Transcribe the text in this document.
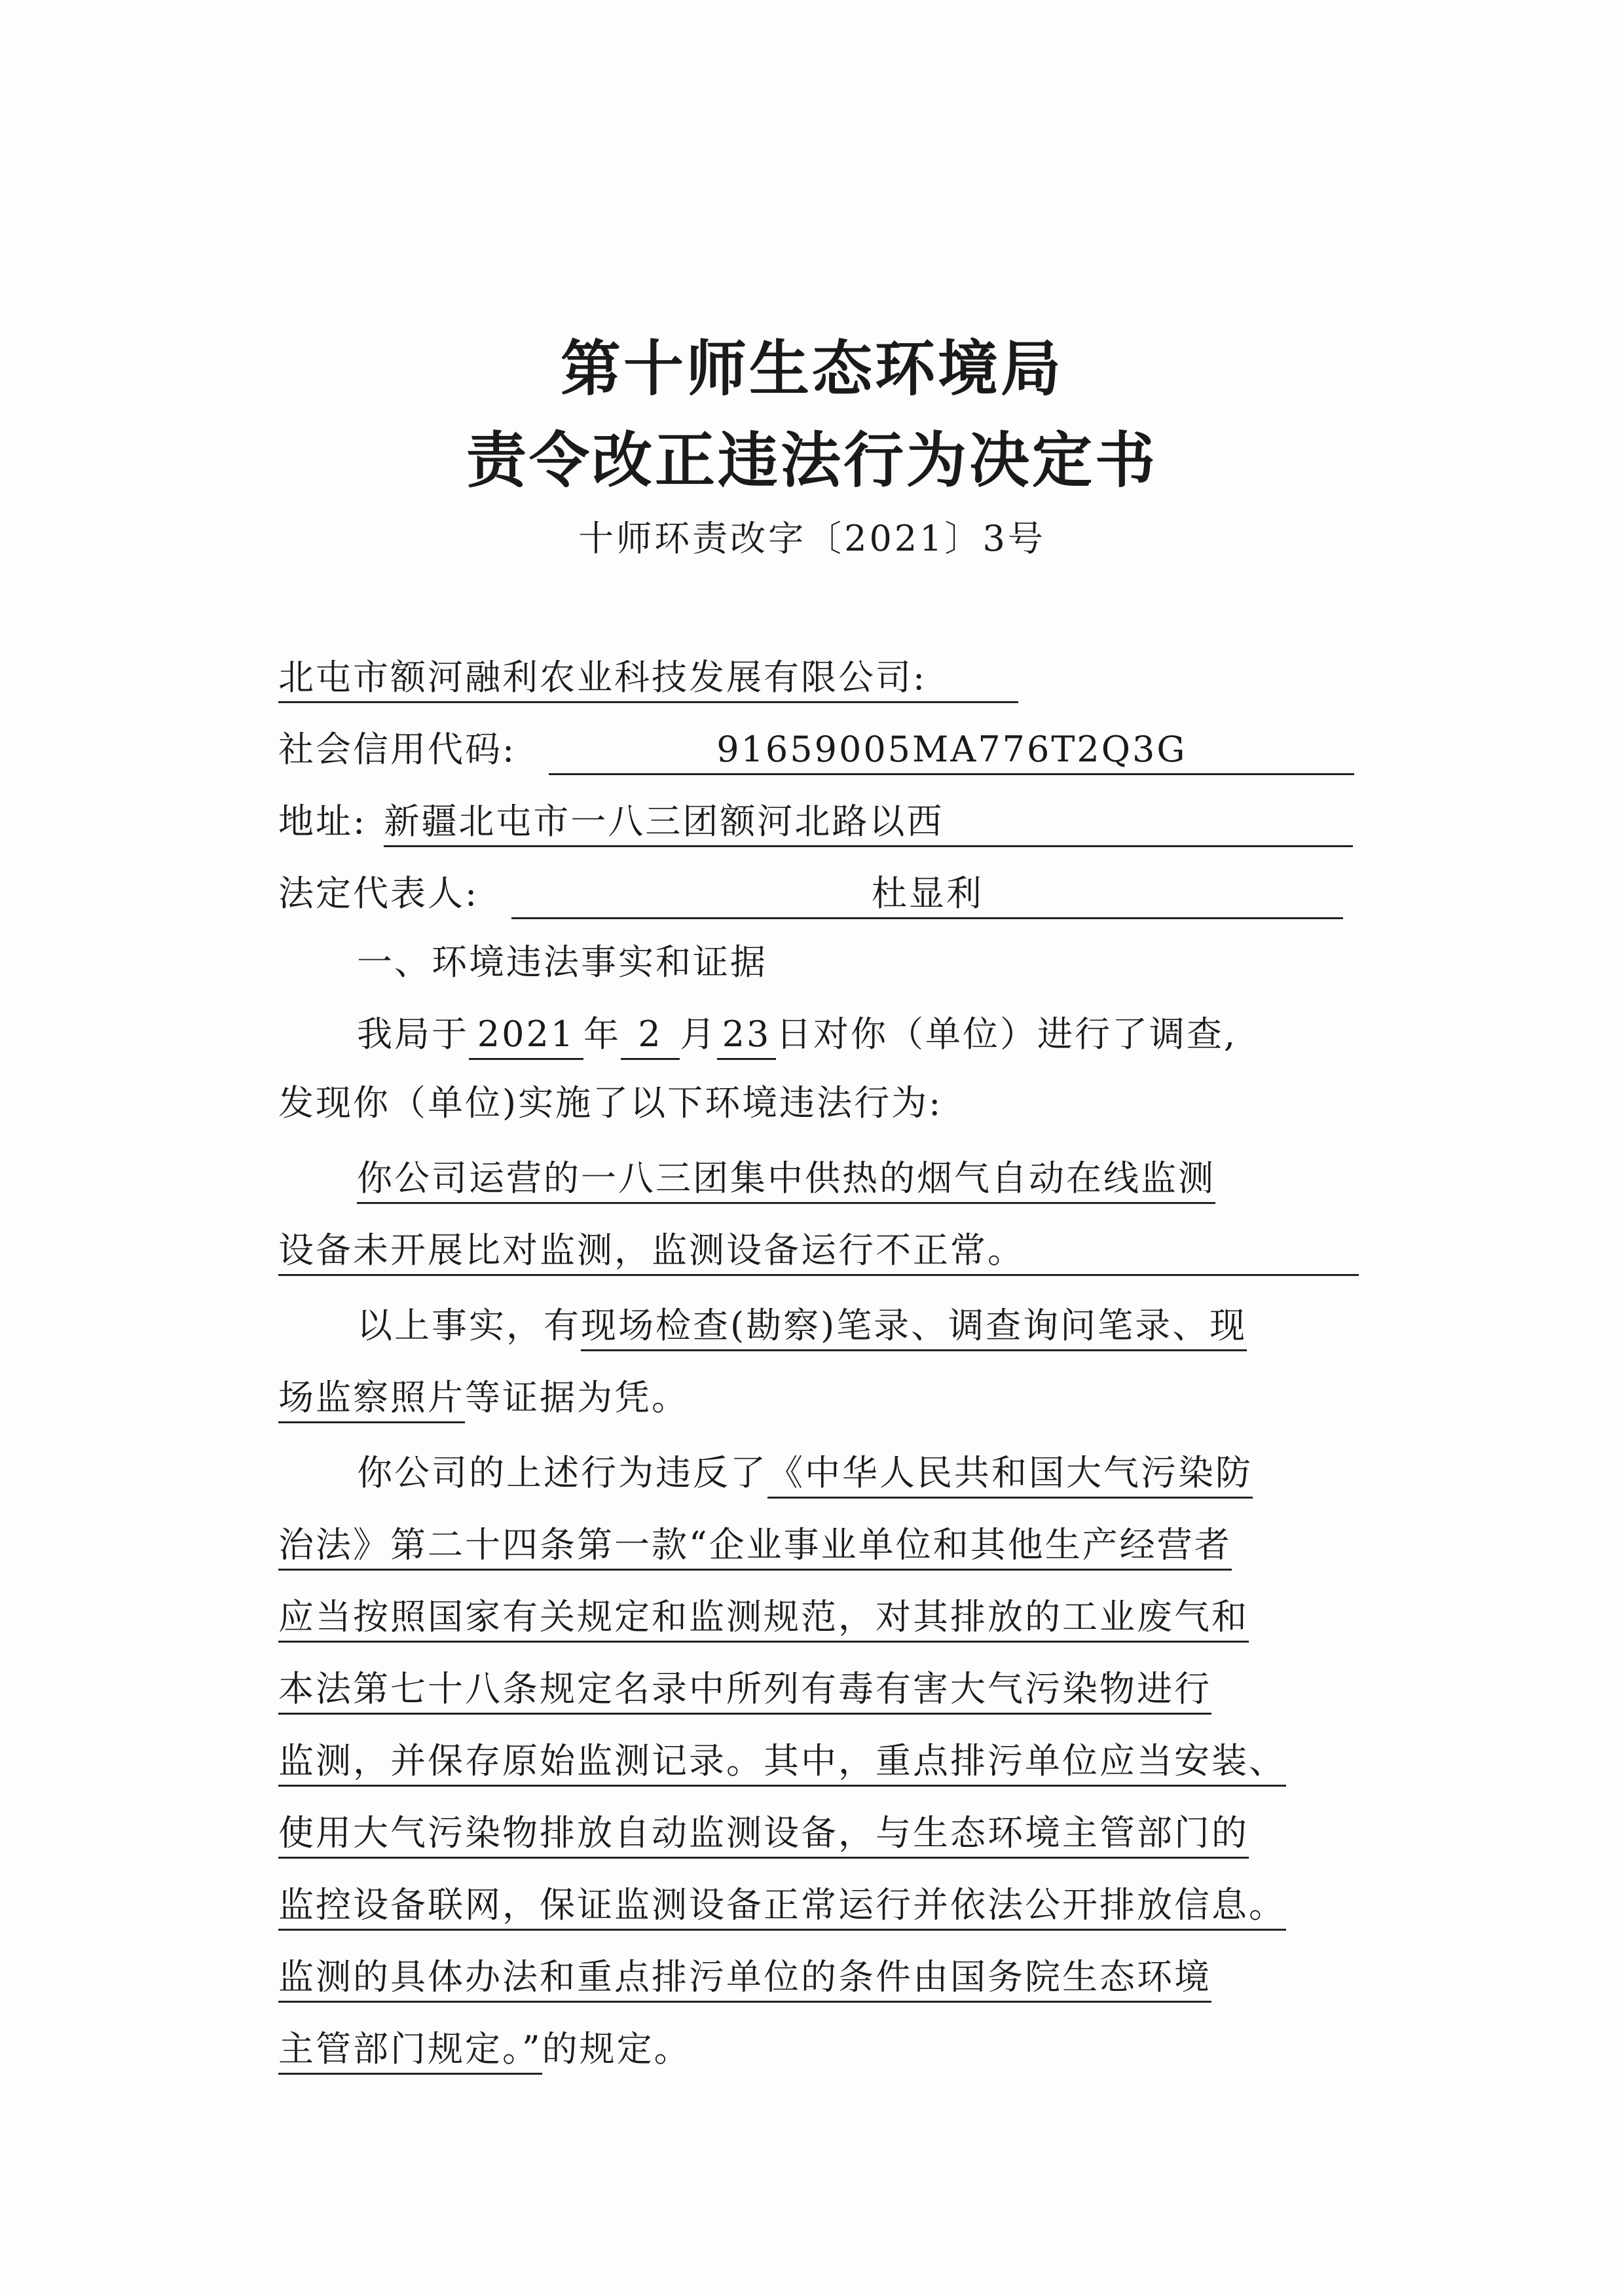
第十师生态环境局
责令改正违法行为决定书
十师环责改字〔2021〕3号
北屯市额河融利农业科技发展有限公司:
社会信用代码:	91659005MA776T2Q3G
地址: 新疆北屯市一八三团额河北路以西
法定代表人:	杜显利
一、环境违法事实和证据
我局于 2021 年 2 月 23 日对你（单位）进行了调查,
发现你（单位)实施了以下环境违法行为:
你公司运营的一八三团集中供热的烟气自动在线监测
设备未开展比对监测，监测设备运行不正常。
以上事实，有现场检查(勘察)笔录、调查询问笔录、现
场监察照片等证据为凭。
你公司的上述行为违反了《中华人民共和国大气污染防
治法》第二十四条第一款“企业事业单位和其他生产经营者
应当按照国家有关规定和监测规范，对其排放的工业废气和
本法第七十八条规定名录中所列有毒有害大气污染物进行
监测，并保存原始监测记录。其中，重点排污单位应当安装、
使用大气污染物排放自动监测设备，与生态环境主管部门的
监控设备联网，保证监测设备正常运行并依法公开排放信息。
监测的具体办法和重点排污单位的条件由国务院生态环境
主管部门规定。”的规定。
